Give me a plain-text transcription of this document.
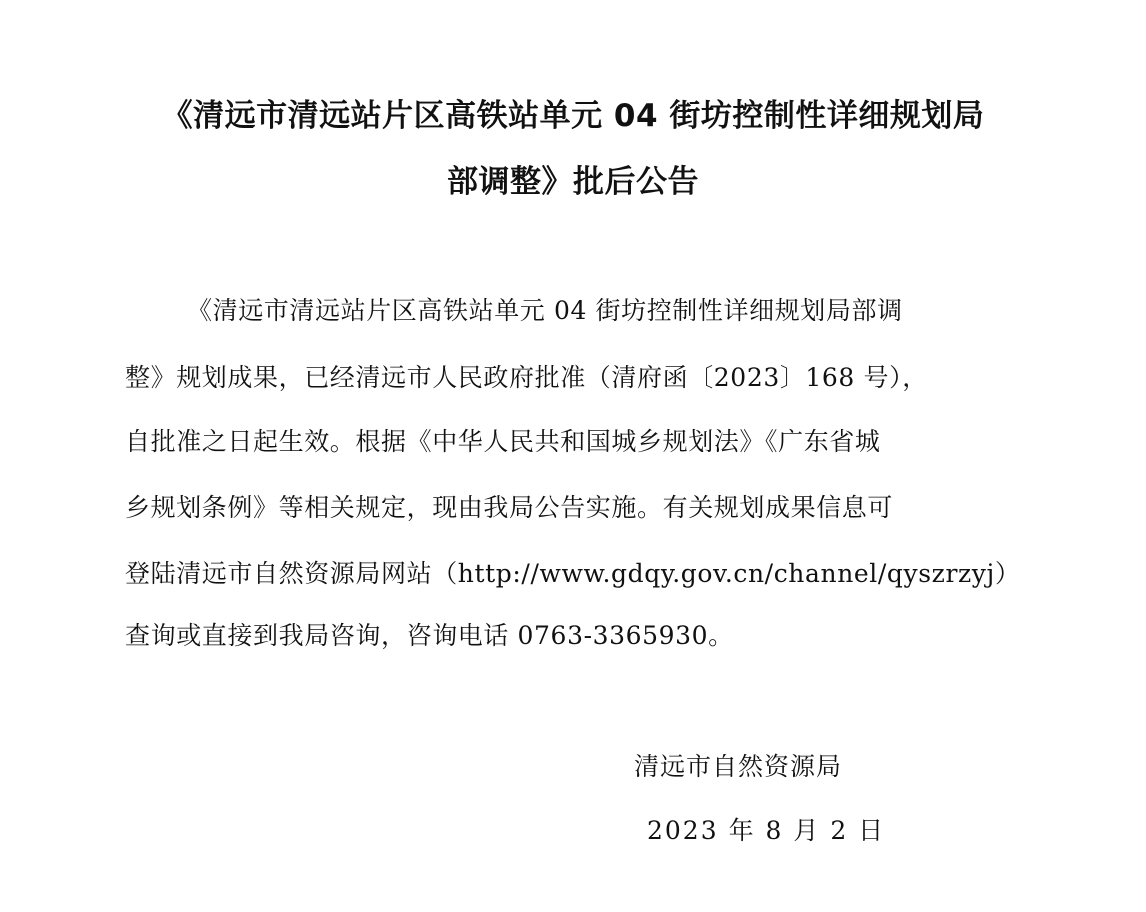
《清远市清远站片区高铁站单元 04 街坊控制性详细规划局
部调整》批后公告
《清远市清远站片区高铁站单元 04 街坊控制性详细规划局部调
整》规划成果，已经清远市人民政府批准（清府函〔2023〕168 号），
自批准之日起生效。根据《中华人民共和国城乡规划法》《广东省城
乡规划条例》等相关规定，现由我局公告实施。有关规划成果信息可
登陆清远市自然资源局网站（http://www.gdqy.gov.cn/channel/qyszrzyj）
查询或直接到我局咨询，咨询电话 0763-3365930。
清远市自然资源局
2023 年 8 月 2 日
